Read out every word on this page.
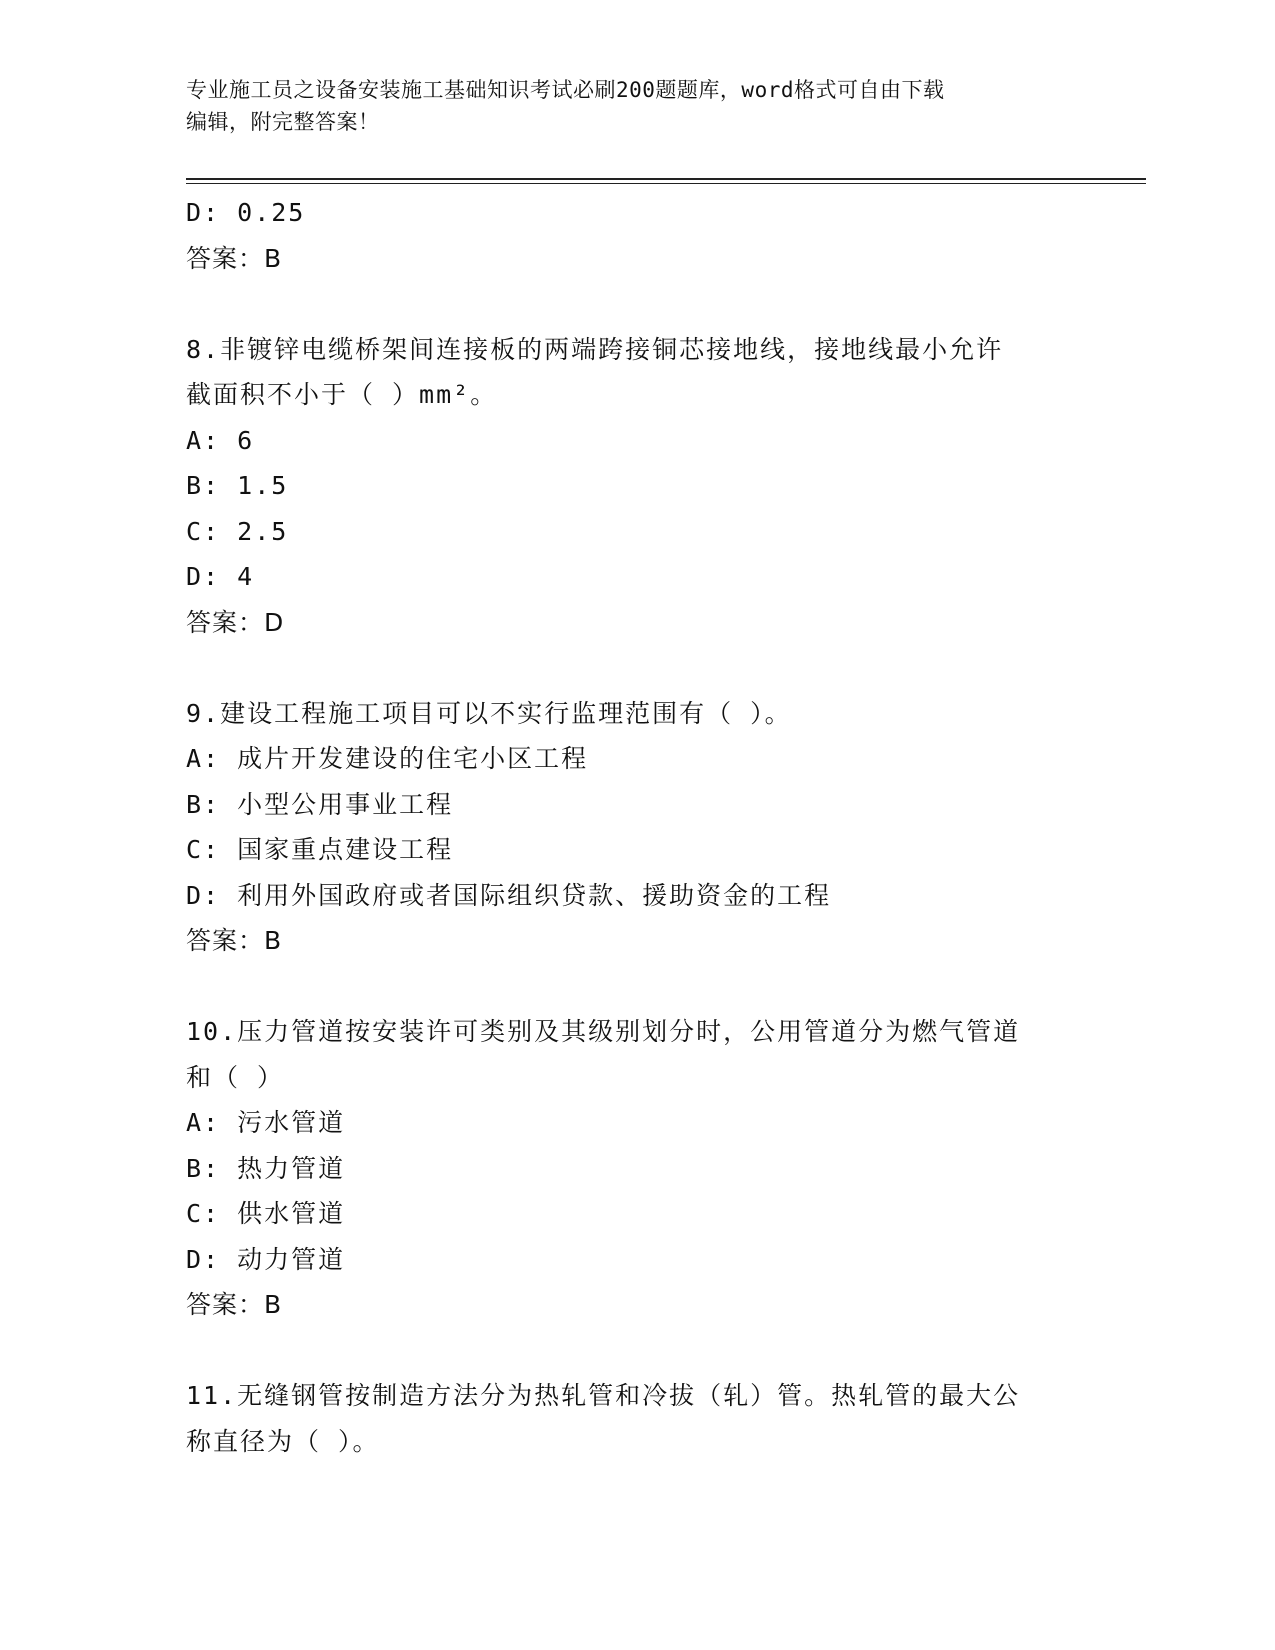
专业施工员之设备安装施工基础知识考试必刷200题题库，word格式可自由下载
编辑，附完整答案！

D: 0.25

答案：B

8.非镀锌电缆桥架间连接板的两端跨接铜芯接地线，接地线最小允许

截面积不小于（ ）mm²。

A: 6

B: 1.5

C: 2.5

D: 4

答案：D

9.建设工程施工项目可以不实行监理范围有（ ）。

A: 成片开发建设的住宅小区工程

B: 小型公用事业工程

C: 国家重点建设工程

D: 利用外国政府或者国际组织贷款、援助资金的工程

答案：B

10.压力管道按安装许可类别及其级别划分时，公用管道分为燃气管道

和（ ）

A: 污水管道

B: 热力管道

C: 供水管道

D: 动力管道

答案：B

11.无缝钢管按制造方法分为热轧管和冷拔（轧）管。热轧管的最大公

称直径为（ ）。
